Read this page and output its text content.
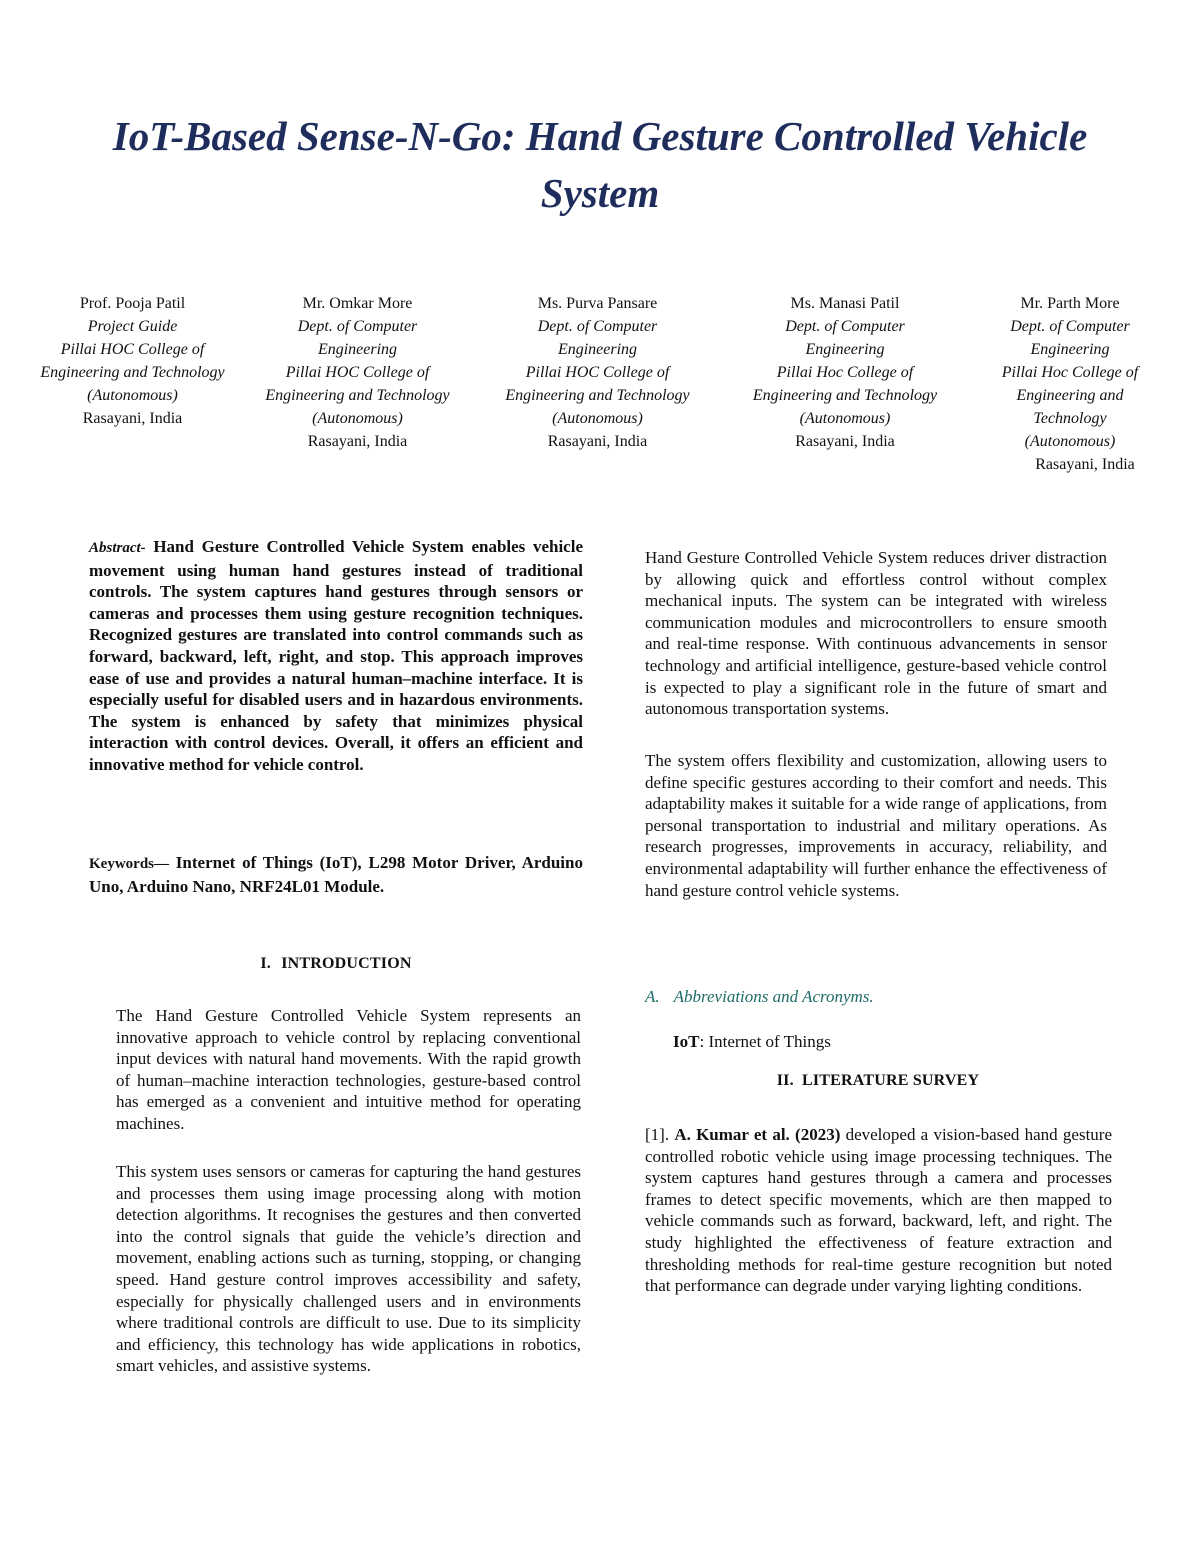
IoT-Based Sense-N-Go: Hand Gesture Controlled Vehicle System
Prof. Pooja Patil
Project Guide
Pillai HOC College of Engineering and Technology (Autonomous)
Rasayani, India
Mr. Omkar More
Dept. of Computer Engineering
Pillai HOC College of Engineering and Technology (Autonomous)
Rasayani, India
Ms. Purva Pansare
Dept. of Computer Engineering
Pillai HOC College of Engineering and Technology (Autonomous)
Rasayani, India
Ms. Manasi Patil
Dept. of Computer Engineering
Pillai Hoc College of Engineering and Technology (Autonomous)
Rasayani, India
Mr. Parth More
Dept. of Computer Engineering
Pillai Hoc College of Engineering and Technology (Autonomous)
Rasayani, India

Abstract- Hand Gesture Controlled Vehicle System enables vehicle movement using human hand gestures instead of traditional controls. The system captures hand gestures through sensors or cameras and processes them using gesture recognition techniques. Recognized gestures are translated into control commands such as forward, backward, left, right, and stop. This approach improves ease of use and provides a natural human–machine interface. It is especially useful for disabled users and in hazardous environments. The system is enhanced by safety that minimizes physical interaction with control devices. Overall, it offers an efficient and innovative method for vehicle control.

Keywords— Internet of Things (IoT), L298 Motor Driver, Arduino Uno, Arduino Nano, NRF24L01 Module.

I. INTRODUCTION

The Hand Gesture Controlled Vehicle System represents an innovative approach to vehicle control by replacing conventional input devices with natural hand movements. With the rapid growth of human–machine interaction technologies, gesture-based control has emerged as a convenient and intuitive method for operating machines.

This system uses sensors or cameras for capturing the hand gestures and processes them using image processing along with motion detection algorithms. It recognises the gestures and then converted into the control signals that guide the vehicle’s direction and movement, enabling actions such as turning, stopping, or changing speed. Hand gesture control improves accessibility and safety, especially for physically challenged users and in environments where traditional controls are difficult to use. Due to its simplicity and efficiency, this technology has wide applications in robotics, smart vehicles, and assistive systems.

Hand Gesture Controlled Vehicle System reduces driver distraction by allowing quick and effortless control without complex mechanical inputs. The system can be integrated with wireless communication modules and microcontrollers to ensure smooth and real-time response. With continuous advancements in sensor technology and artificial intelligence, gesture-based vehicle control is expected to play a significant role in the future of smart and autonomous transportation systems.

The system offers flexibility and customization, allowing users to define specific gestures according to their comfort and needs. This adaptability makes it suitable for a wide range of applications, from personal transportation to industrial and military operations. As research progresses, improvements in accuracy, reliability, and environmental adaptability will further enhance the effectiveness of hand gesture control vehicle systems.

A. Abbreviations and Acronyms.

IoT: Internet of Things

II. LITERATURE SURVEY

[1]. A. Kumar et al. (2023) developed a vision-based hand gesture controlled robotic vehicle using image processing techniques. The system captures hand gestures through a camera and processes frames to detect specific movements, which are then mapped to vehicle commands such as forward, backward, left, and right. The study highlighted the effectiveness of feature extraction and thresholding methods for real-time gesture recognition but noted that performance can degrade under varying lighting conditions.
